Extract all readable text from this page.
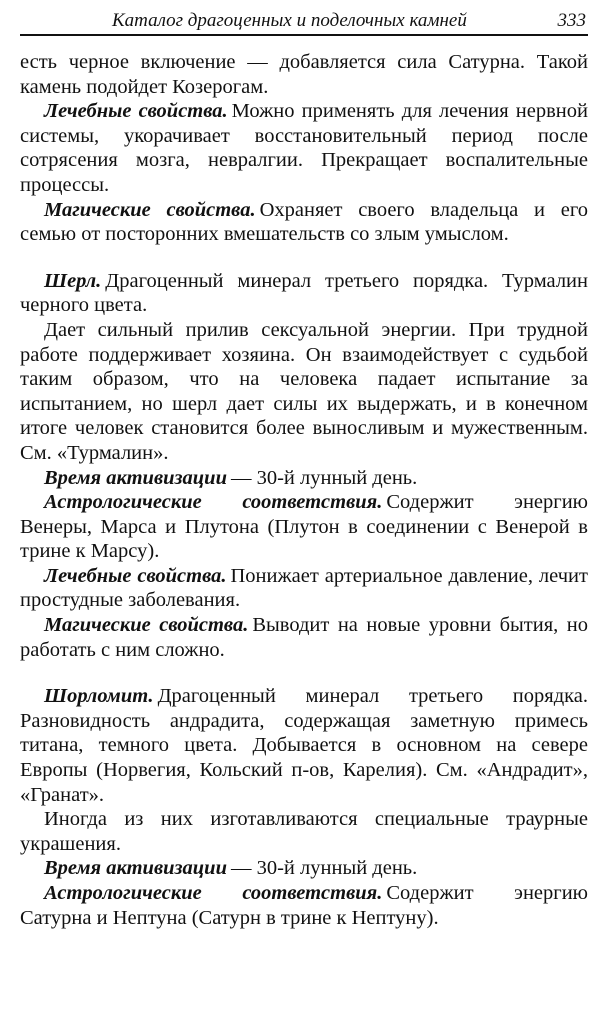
Каталог драгоценных и поделочных камней	333

есть черное включение — добавляется сила Сатурна. Такой камень подойдет Козерогам.

Лечебные свойства. Можно применять для лечения нервной системы, укорачивает восстановительный период после сотрясения мозга, невралгии. Прекращает воспалительные процессы.

Магические свойства. Охраняет своего владельца и его семью от посторонних вмешательств со злым умыслом.

Шерл. Драгоценный минерал третьего порядка. Турмалин черного цвета.

Дает сильный прилив сексуальной энергии. При трудной работе поддерживает хозяина. Он взаимодействует с судьбой таким образом, что на человека падает испытание за испытанием, но шерл дает силы их выдержать, и в конечном итоге человек становится более выносливым и мужественным. См. «Турмалин».

Время активизации — 30-й лунный день.

Астрологические соответствия. Содержит энергию Венеры, Марса и Плутона (Плутон в соединении с Венерой в трине к Марсу).

Лечебные свойства. Понижает артериальное давление, лечит простудные заболевания.

Магические свойства. Выводит на новые уровни бытия, но работать с ним сложно.

Шорломит. Драгоценный минерал третьего порядка. Разновидность андрадита, содержащая заметную примесь титана, темного цвета. Добывается в основном на севере Европы (Норвегия, Кольский п-ов, Карелия). См. «Андрадит», «Гранат».

Иногда из них изготавливаются специальные траурные украшения.

Время активизации — 30-й лунный день.

Астрологические соответствия. Содержит энергию Сатурна и Нептуна (Сатурн в трине к Нептуну).
